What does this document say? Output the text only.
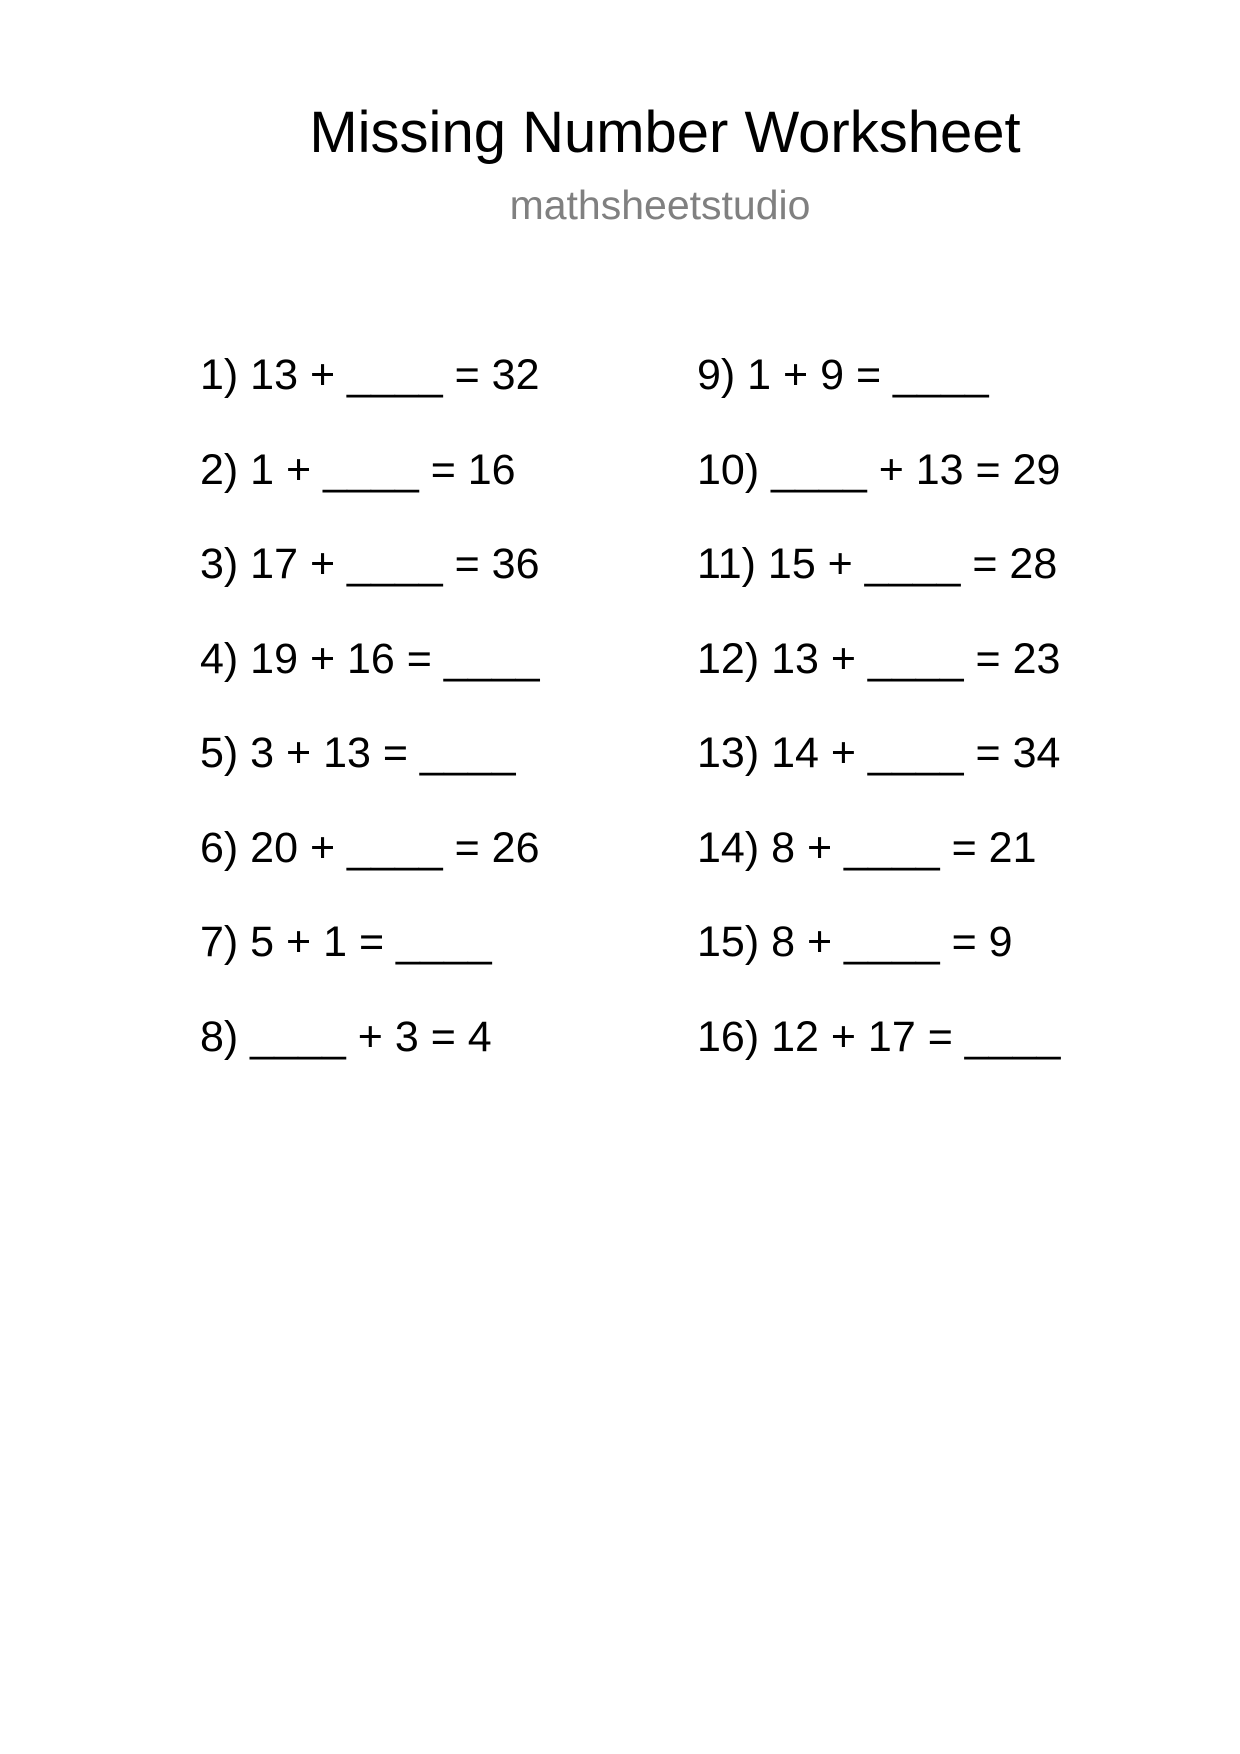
Missing Number Worksheet
mathsheetstudio
1) 13 + ____ = 32
2) 1 + ____ = 16
3) 17 + ____ = 36
4) 19 + 16 = ____
5) 3 + 13 = ____
6) 20 + ____ = 26
7) 5 + 1 = ____
8) ____ + 3 = 4
9) 1 + 9 = ____
10) ____ + 13 = 29
11) 15 + ____ = 28
12) 13 + ____ = 23
13) 14 + ____ = 34
14) 8 + ____ = 21
15) 8 + ____ = 9
16) 12 + 17 = ____
